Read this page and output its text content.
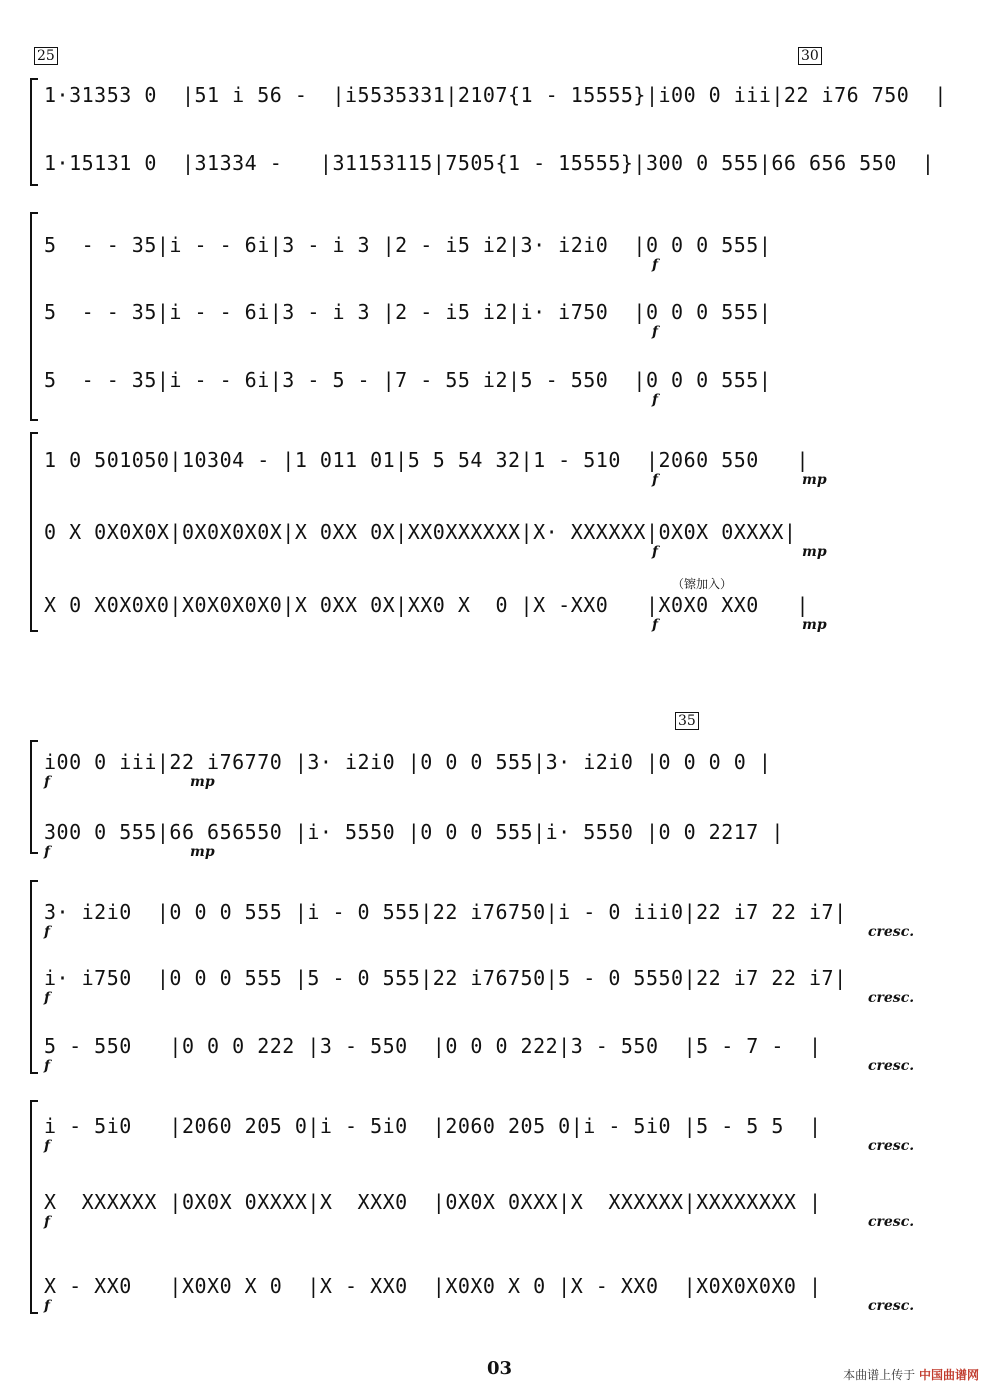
25	30
35
1·31353 0  |51 i 56 -  |i5535331|2107{1 - 15555}|i00 0 iii|22 i76 750  |
1·15131 0  |31334 -   |31153115|7505{1 - 15555}|300 0 555|66 656 550  |
5  - - 35|i - - 6i|3 - i 3 |2 - i5 i2|3· i2i0  |0 0 0 555|
f
5  - - 35|i - - 6i|3 - i 3 |2 - i5 i2|i· i750  |0 0 0 555|
f
5  - - 35|i - - 6i|3 - 5 - |7 - 55 i2|5 - 550  |0 0 0 555|
f
1 0 501050|10304 - |1 011 01|5 5 54 32|1 - 510  |2060 550   |
f	mp
0 X 0X0X0X|0X0X0X0X|X 0XX 0X|XX0XXXXXX|X· XXXXXX|0X0X 0XXXX|
f	mp
（镲加入）
X 0 X0X0X0|X0X0X0X0|X 0XX 0X|XX0 X  0 |X -XX0   |X0X0 XX0   |
f	mp
i00 0 iii|22 i76770 |3· i2i0 |0 0 0 555|3· i2i0 |0 0 0 0 |
f	mp
300 0 555|66 656550 |i· 5550 |0 0 0 555|i· 5550 |0 0 2217 |
f	mp
3· i2i0  |0 0 0 555 |i - 0 555|22 i76750|i - 0 iii0|22 i7 22 i7|
f	cresc.
i· i750  |0 0 0 555 |5 - 0 555|22 i76750|5 - 0 5550|22 i7 22 i7|
f	cresc.
5 - 550   |0 0 0 222 |3 - 550  |0 0 0 222|3 - 550  |5 - 7 -  |
f	cresc.
i - 5i0   |2060 205 0|i - 5i0  |2060 205 0|i - 5i0 |5 - 5 5  |
f	cresc.
X  XXXXXX |0X0X 0XXXX|X  XXX0  |0X0X 0XXX|X  XXXXXX|XXXXXXXX |
f	cresc.
X - XX0   |X0X0 X 0  |X - XX0  |X0X0 X 0 |X - XX0  |X0X0X0X0 |
f	cresc.
03	本曲谱上传于 中国曲谱网
